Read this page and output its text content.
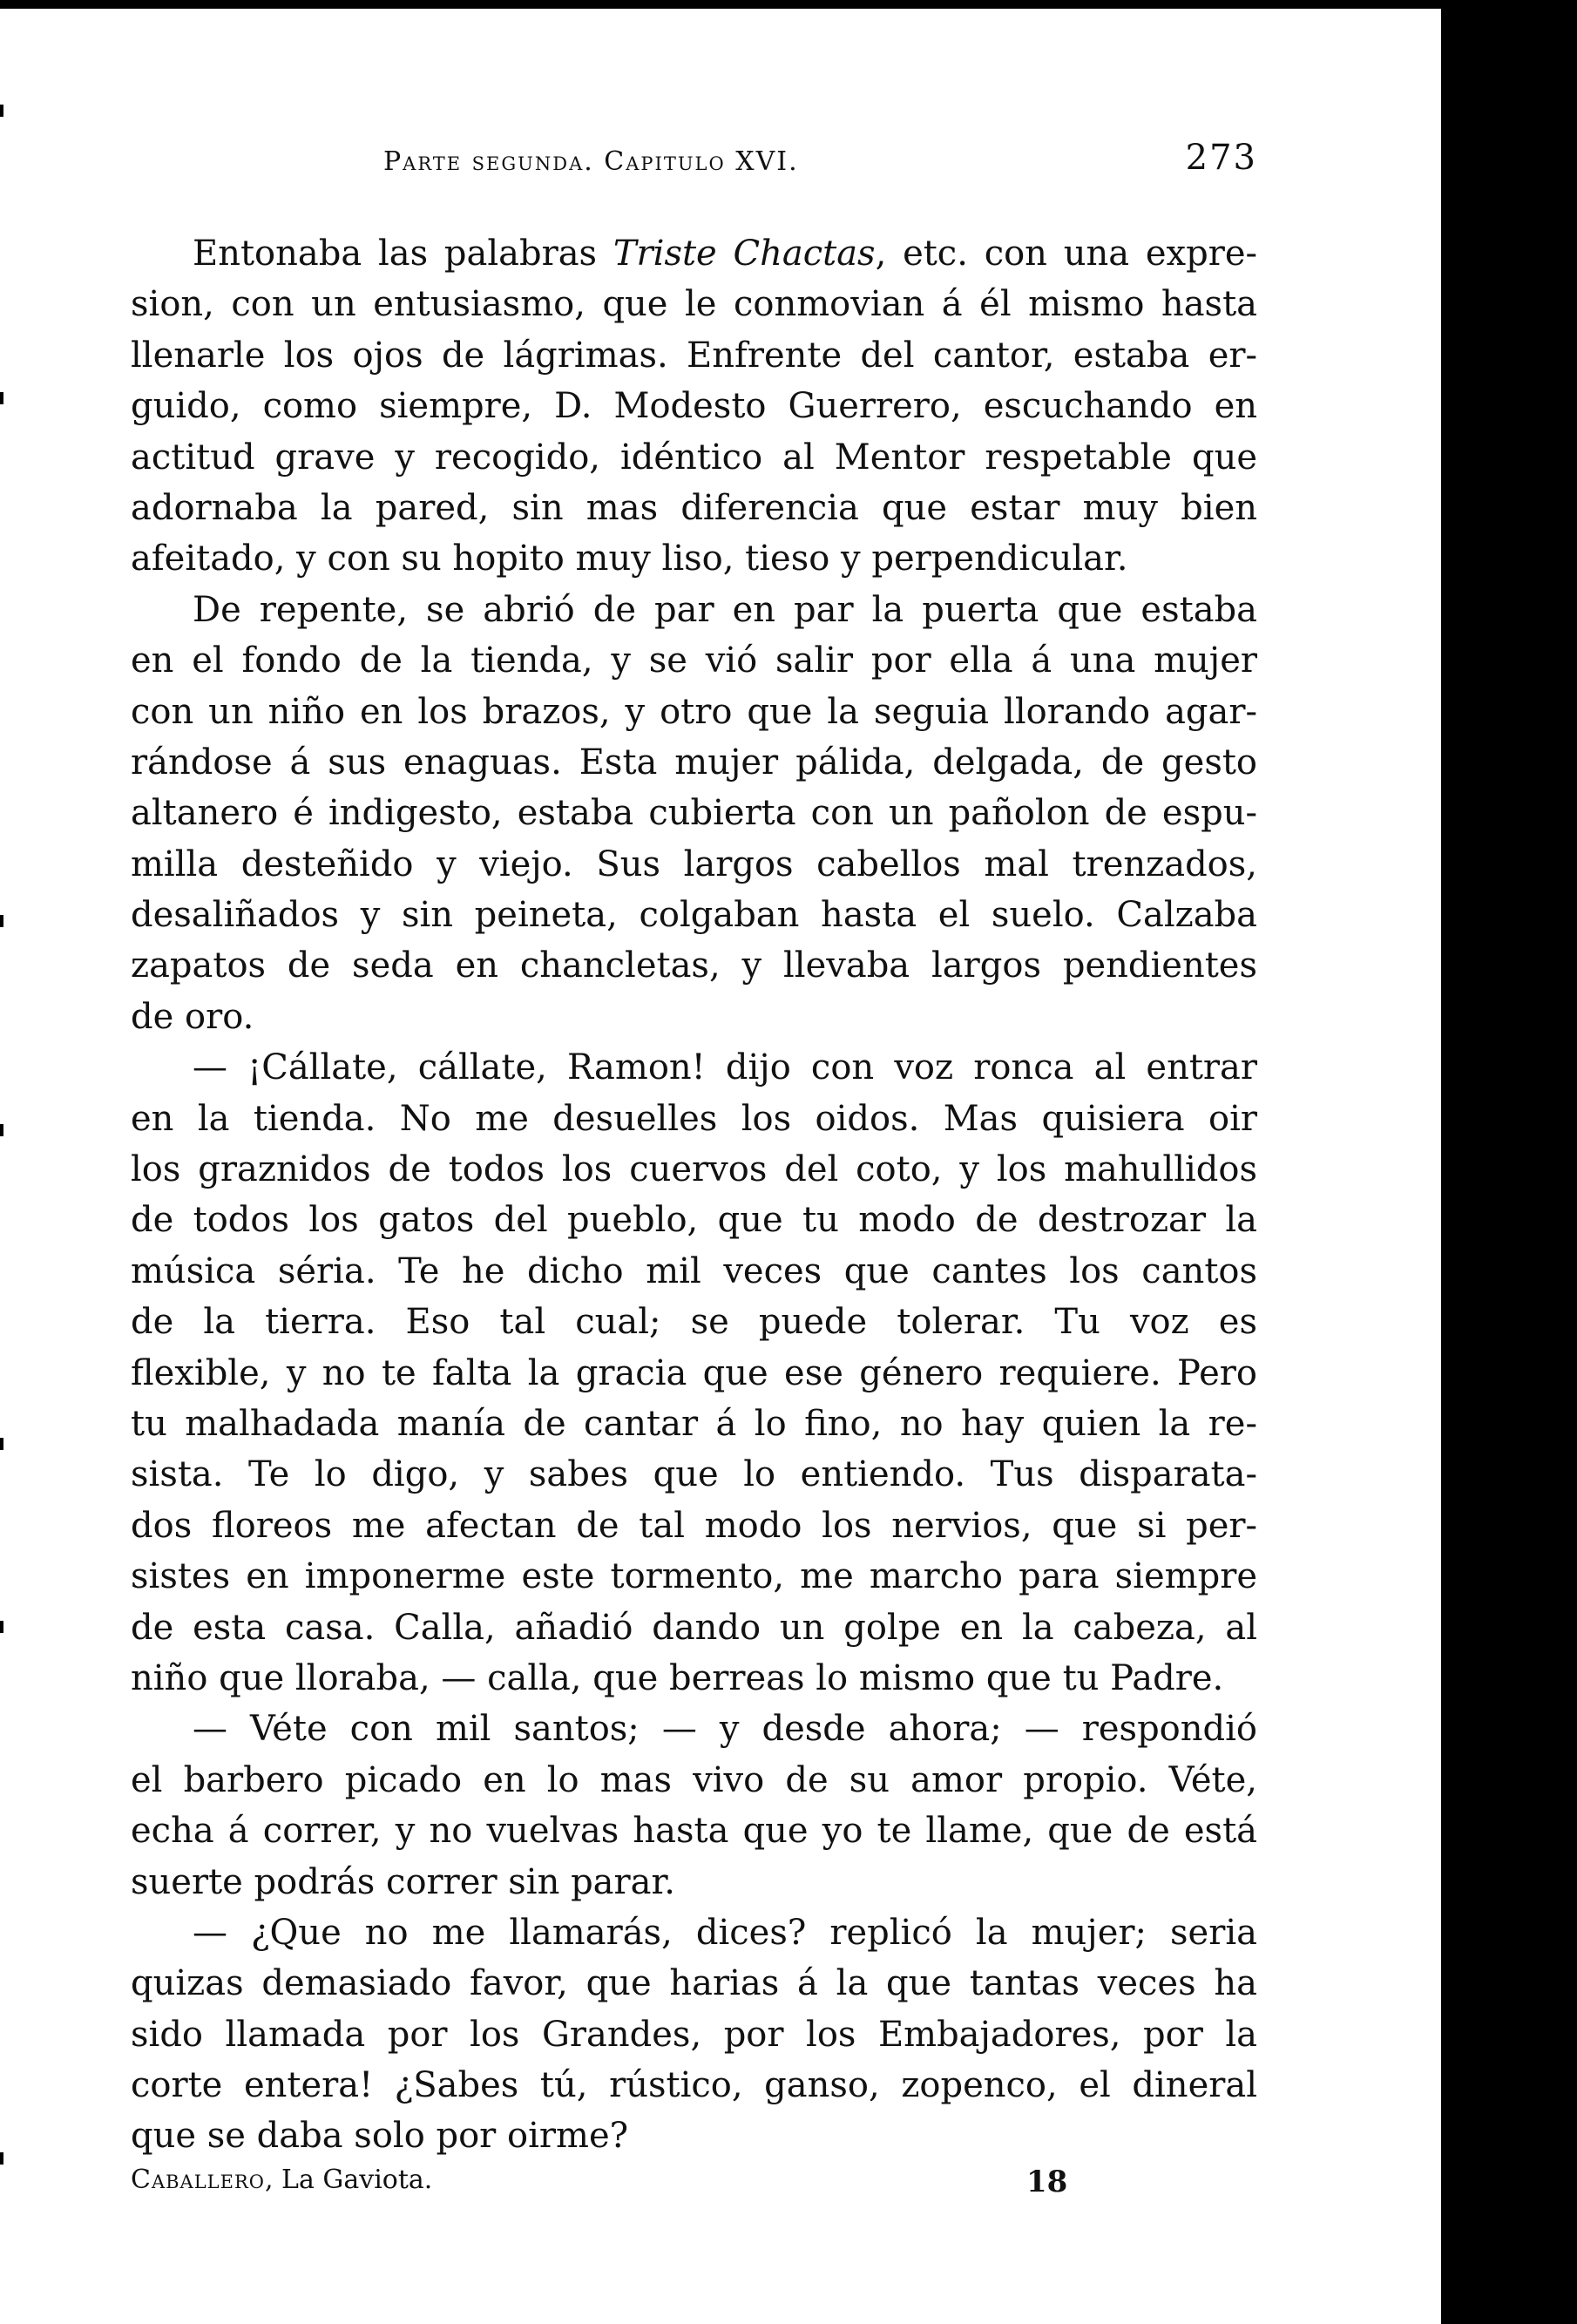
Parte segunda. Capitulo XVI.	273
Entonaba las palabras Triste Chactas, etc. con una expre-
sion, con un entusiasmo, que le conmovian á él mismo hasta
llenarle los ojos de lágrimas. Enfrente del cantor, estaba er-
guido, como siempre, D. Modesto Guerrero, escuchando en
actitud grave y recogido, idéntico al Mentor respetable que
adornaba la pared, sin mas diferencia que estar muy bien
afeitado, y con su hopito muy liso, tieso y perpendicular.
De repente, se abrió de par en par la puerta que estaba
en el fondo de la tienda, y se vió salir por ella á una mujer
con un niño en los brazos, y otro que la seguia llorando agar-
rándose á sus enaguas. Esta mujer pálida, delgada, de gesto
altanero é indigesto, estaba cubierta con un pañolon de espu-
milla desteñido y viejo. Sus largos cabellos mal trenzados,
desaliñados y sin peineta, colgaban hasta el suelo. Calzaba
zapatos de seda en chancletas, y llevaba largos pendientes
de oro.
— ¡Cállate, cállate, Ramon! dijo con voz ronca al entrar
en la tienda. No me desuelles los oidos. Mas quisiera oir
los graznidos de todos los cuervos del coto, y los mahullidos
de todos los gatos del pueblo, que tu modo de destrozar la
música séria. Te he dicho mil veces que cantes los cantos
de la tierra. Eso tal cual; se puede tolerar. Tu voz es
flexible, y no te falta la gracia que ese género requiere. Pero
tu malhadada manía de cantar á lo fino, no hay quien la re-
sista. Te lo digo, y sabes que lo entiendo. Tus disparata-
dos floreos me afectan de tal modo los nervios, que si per-
sistes en imponerme este tormento, me marcho para siempre
de esta casa. Calla, añadió dando un golpe en la cabeza, al
niño que lloraba, — calla, que berreas lo mismo que tu Padre.
— Véte con mil santos; — y desde ahora; — respondió
el barbero picado en lo mas vivo de su amor propio. Véte,
echa á correr, y no vuelvas hasta que yo te llame, que de está
suerte podrás correr sin parar.
— ¿Que no me llamarás, dices? replicó la mujer; seria
quizas demasiado favor, que harias á la que tantas veces ha
sido llamada por los Grandes, por los Embajadores, por la
corte entera! ¿Sabes tú, rústico, ganso, zopenco, el dineral
que se daba solo por oirme?
Caballero, La Gaviota.	18
